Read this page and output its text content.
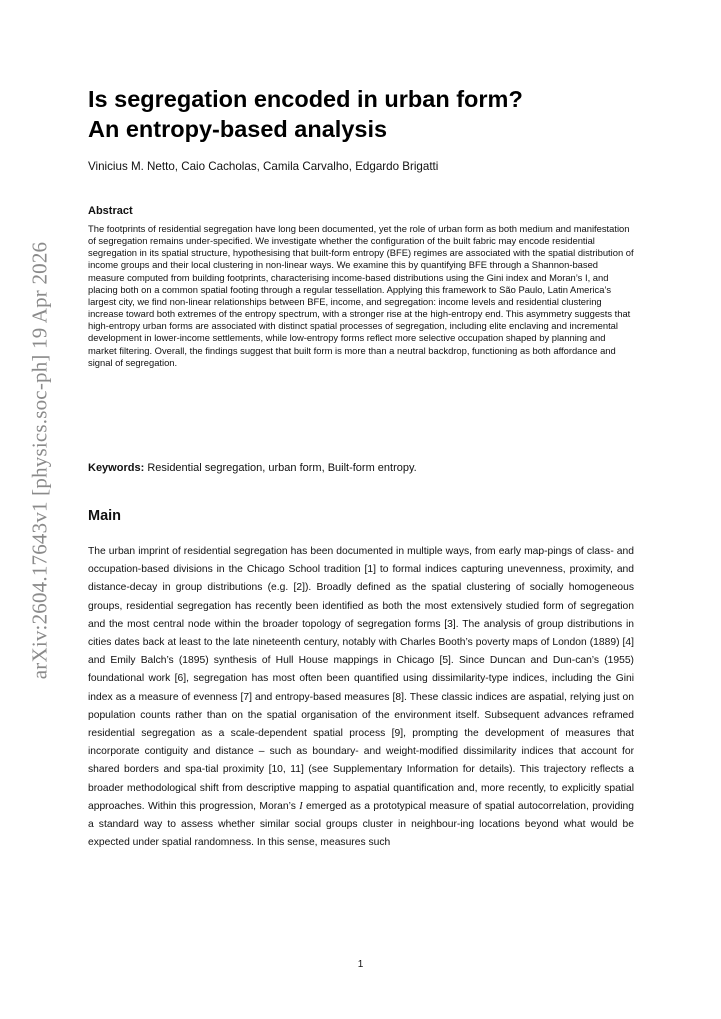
arXiv:2604.17643v1 [physics.soc-ph] 19 Apr 2026
Is segregation encoded in urban form?
An entropy-based analysis
Vinicius M. Netto, Caio Cacholas, Camila Carvalho, Edgardo Brigatti
Abstract

The footprints of residential segregation have long been documented, yet the role of urban form as both medium and manifestation of segregation remains under-specified. We investigate whether the configuration of the built fabric may encode residential segregation in its spatial structure, hypothesising that built-form entropy (BFE) regimes are associated with the spatial distribution of income groups and their local clustering in non-linear ways. We examine this by quantifying BFE through a Shannon-based measure computed from building footprints, characterising income-based distributions using the Gini index and Moran’s I, and placing both on a common spatial footing through a regular tessellation. Applying this framework to São Paulo, Latin America’s largest city, we find non-linear relationships between BFE, income, and segregation: income levels and residential clustering increase toward both extremes of the entropy spectrum, with a stronger rise at the high-entropy end. This asymmetry suggests that high-entropy urban forms are associated with distinct spatial processes of segregation, including elite enclaving and incremental development in lower-income settlements, while low-entropy forms reflect more selective occupation shaped by planning and market filtering. Overall, the findings suggest that built form is more than a neutral backdrop, functioning as both affordance and signal of segregation.

Keywords: Residential segregation, urban form, Built-form entropy.
Main

The urban imprint of residential segregation has been documented in multiple ways, from early map-pings of class- and occupation-based divisions in the Chicago School tradition [1] to formal indices capturing unevenness, proximity, and distance-decay in group distributions (e.g. [2]). Broadly defined as the spatial clustering of socially homogeneous groups, residential segregation has recently been identified as both the most extensively studied form of segregation and the most central node within the broader topology of segregation forms [3]. The analysis of group distributions in cities dates back at least to the late nineteenth century, notably with Charles Booth’s poverty maps of London (1889) [4] and Emily Balch’s (1895) synthesis of Hull House mappings in Chicago [5]. Since Duncan and Dun-can’s (1955) foundational work [6], segregation has most often been quantified using dissimilarity-type indices, including the Gini index as a measure of evenness [7] and entropy-based measures [8]. These classic indices are aspatial, relying just on population counts rather than on the spatial organisation of the environment itself. Subsequent advances reframed residential segregation as a scale-dependent spatial process [9], prompting the development of measures that incorporate contiguity and distance – such as boundary- and weight-modified dissimilarity indices that account for shared borders and spa-tial proximity [10, 11] (see Supplementary Information for details). This trajectory reflects a broader methodological shift from descriptive mapping to aspatial quantification and, more recently, to explicitly spatial approaches. Within this progression, Moran’s I emerged as a prototypical measure of spatial autocorrelation, providing a standard way to assess whether similar social groups cluster in neighbour-ing locations beyond what would be expected under spatial randomness. In this sense, measures such

1
